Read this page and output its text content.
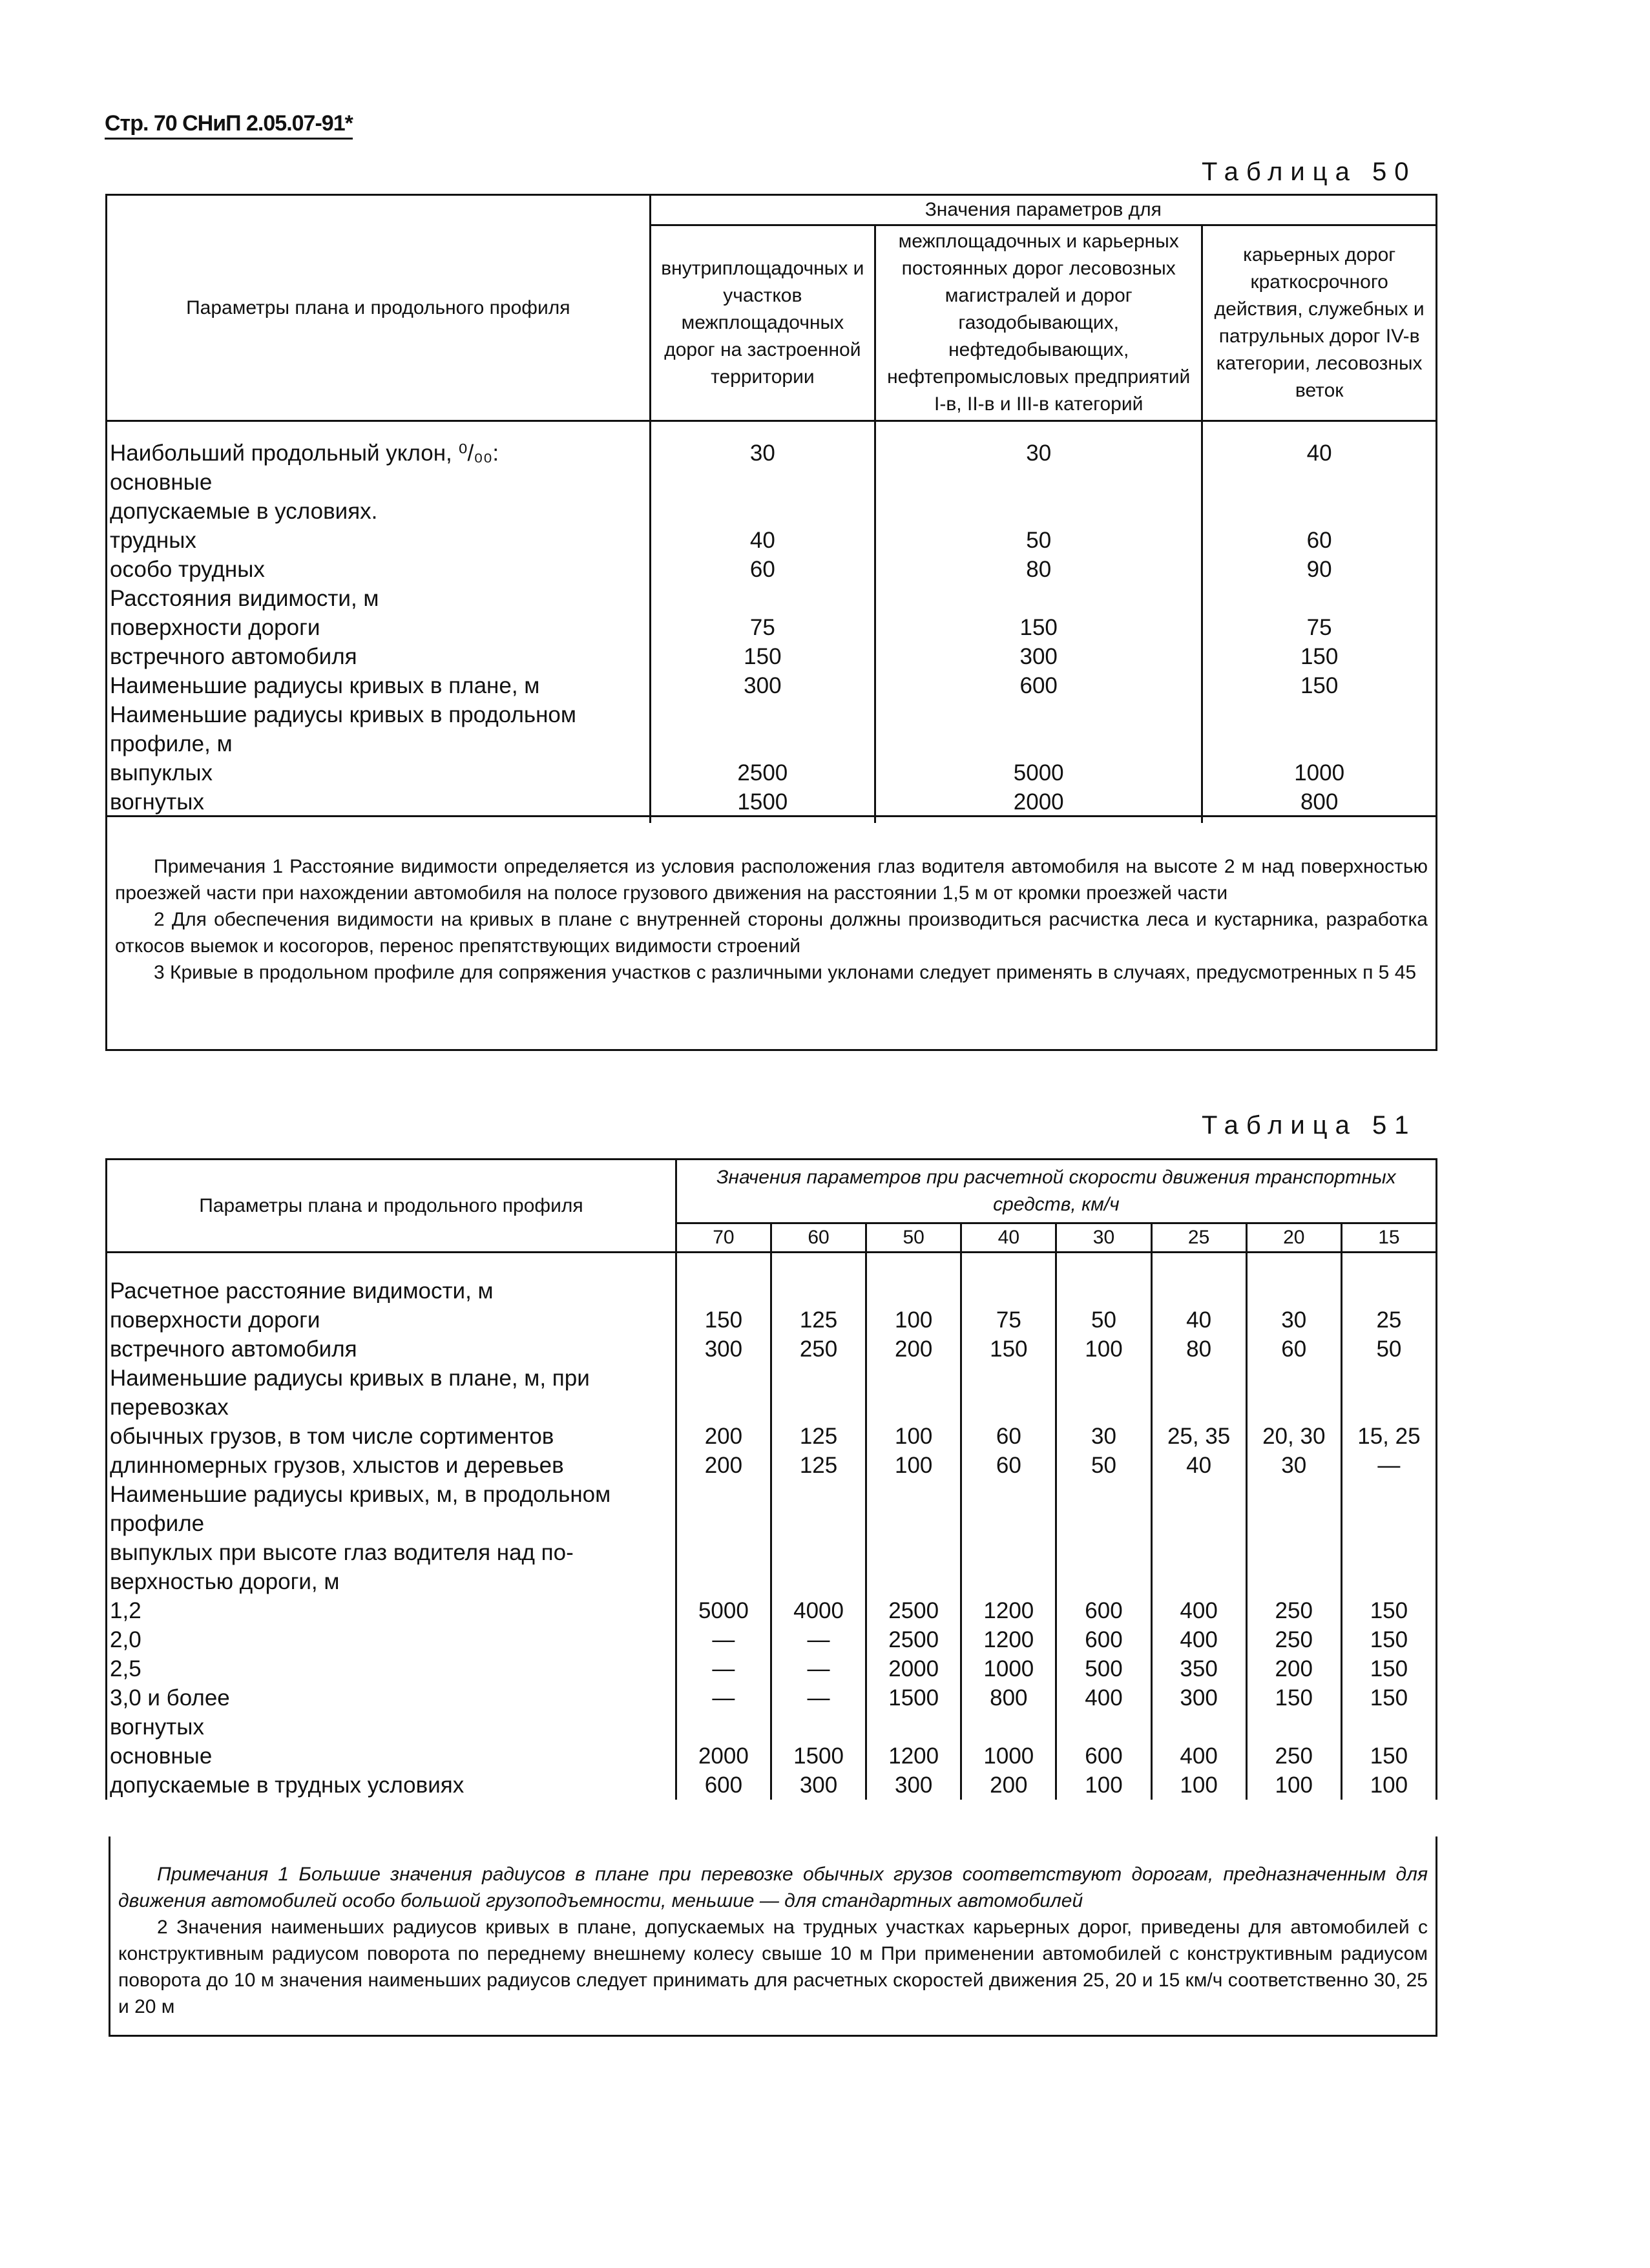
Стр. 70 СНиП 2.05.07-91*
Таблица 50
Параметры плана и продольного профиля	Значения параметров для		
	внутриплощадочных и участков межплощадочных дорог на застроенной территории	межплощадочных и карьерных постоянных дорог лесовозных магистралей и дорог газодобывающих, нефтедобывающих, нефтепромысловых предприятий I-в, II-в и III-в категорий	карьерных дорог краткосрочного действия, служебных и патрульных дорог IV-в категории, лесовозных веток
Наибольший продольный уклон, ⁰/₀₀:	30	30	40
основные			
допускаемые в условиях.			
трудных	40	50	60
особо трудных	60	80	90
Расстояния видимости, м			
поверхности дороги	75	150	75
встречного автомобиля	150	300	150
Наименьшие радиусы кривых в плане, м	300	600	150
Наименьшие радиусы кривых в продольном			
профиле, м			
выпуклых	2500	5000	1000
вогнутых	1500	2000	800

Примечания 1 Расстояние видимости определяется из условия расположения глаз водителя автомобиля на высоте 2 м над поверхностью проезжей части при нахождении автомобиля на полосе грузового движения на расстоянии 1,5 м от кромки проезжей части

2 Для обеспечения видимости на кривых в плане с внутренней стороны должны производиться расчистка леса и кустарника, разработка откосов выемок и косогоров, перенос препятствующих видимости строений

3 Кривые в продольном профиле для сопряжения участков с различными уклонами следует применять в случаях, предусмотренных п 5 45

Таблица 51
Параметры плана и продольного профиля	Значения параметров при расчетной скорости движения транспортных средств, км/ч							
	70	60	50	40	30	25	20	15
Расчетное расстояние видимости, м								
поверхности дороги	150	125	100	75	50	40	30	25
встречного автомобиля	300	250	200	150	100	80	60	50
Наименьшие радиусы кривых в плане, м, при								
перевозках								
обычных грузов, в том числе сортиментов	200	125	100	60	30	25, 35	20, 30	15, 25
длинномерных грузов, хлыстов и деревьев	200	125	100	60	50	40	30	—
Наименьшие радиусы кривых, м, в продольном								
профиле								
выпуклых при высоте глаз водителя над по-								
верхностью дороги, м								
1,2	5000	4000	2500	1200	600	400	250	150
2,0	—	—	2500	1200	600	400	250	150
2,5	—	—	2000	1000	500	350	200	150
3,0 и более	—	—	1500	800	400	300	150	150
вогнутых								
основные	2000	1500	1200	1000	600	400	250	150
допускаемые в трудных условиях	600	300	300	200	100	100	100	100

Примечания 1 Большие значения радиусов в плане при перевозке обычных грузов соответствуют дорогам, предназначенным для движения автомобилей особо большой грузоподъемности, меньшие — для стандартных автомобилей

2 Значения наименьших радиусов кривых в плане, допускаемых на трудных участках карьерных дорог, приведены для автомобилей с конструктивным радиусом поворота по переднему внешнему колесу свыше 10 м При применении автомобилей с конструктивным радиусом поворота до 10 м значения наименьших радиусов следует принимать для расчетных скоростей движения 25, 20 и 15 км/ч соответственно 30, 25 и 20 м
